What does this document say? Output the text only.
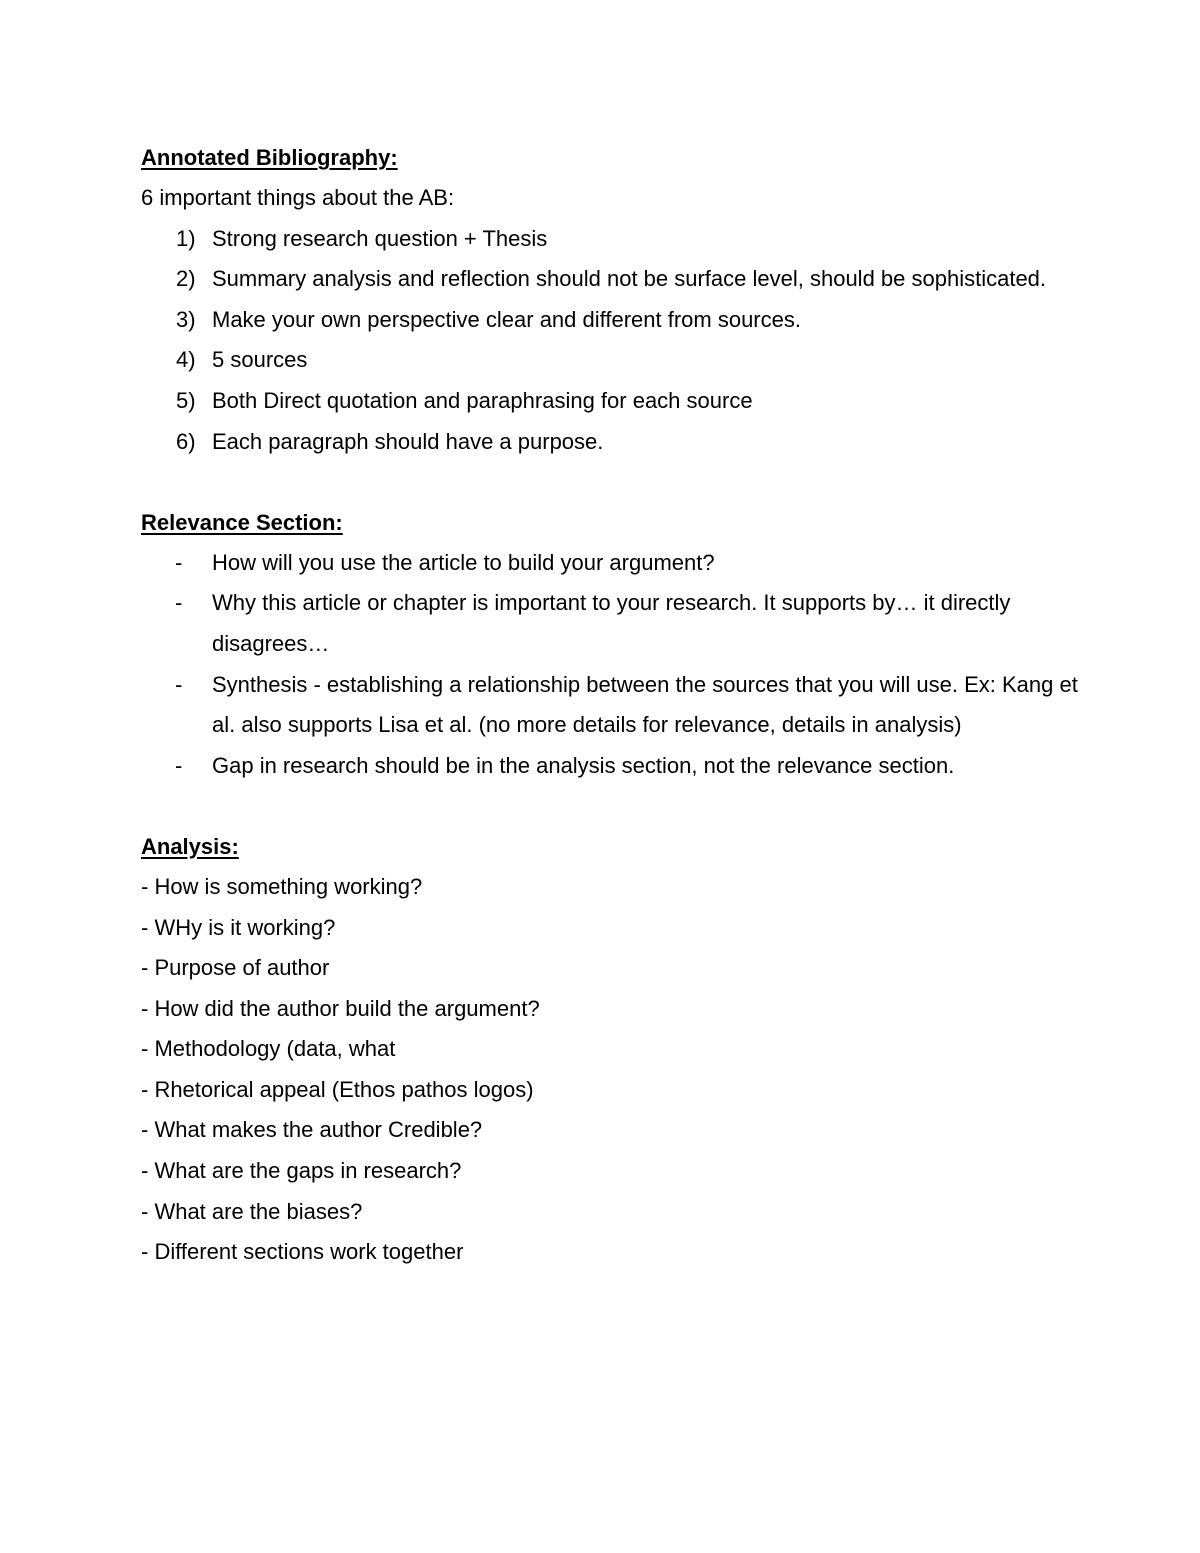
Annotated Bibliography:

6 important things about the AB:

1) Strong research question + Thesis
2) Summary analysis and reflection should not be surface level, should be sophisticated.
3) Make your own perspective clear and different from sources.
4) 5 sources
5) Both Direct quotation and paraphrasing for each source
6) Each paragraph should have a purpose.

Relevance Section:

- How will you use the article to build your argument?
- Why this article or chapter is important to your research. It supports by… it directly disagrees…
- Synthesis - establishing a relationship between the sources that you will use. Ex: Kang et al. also supports Lisa et al. (no more details for relevance, details in analysis)
- Gap in research should be in the analysis section, not the relevance section.

Analysis:

- How is something working?

- WHy is it working?

- Purpose of author

- How did the author build the argument?

- Methodology (data, what

- Rhetorical appeal (Ethos pathos logos)

- What makes the author Credible?

- What are the gaps in research?

- What are the biases?

- Different sections work together
